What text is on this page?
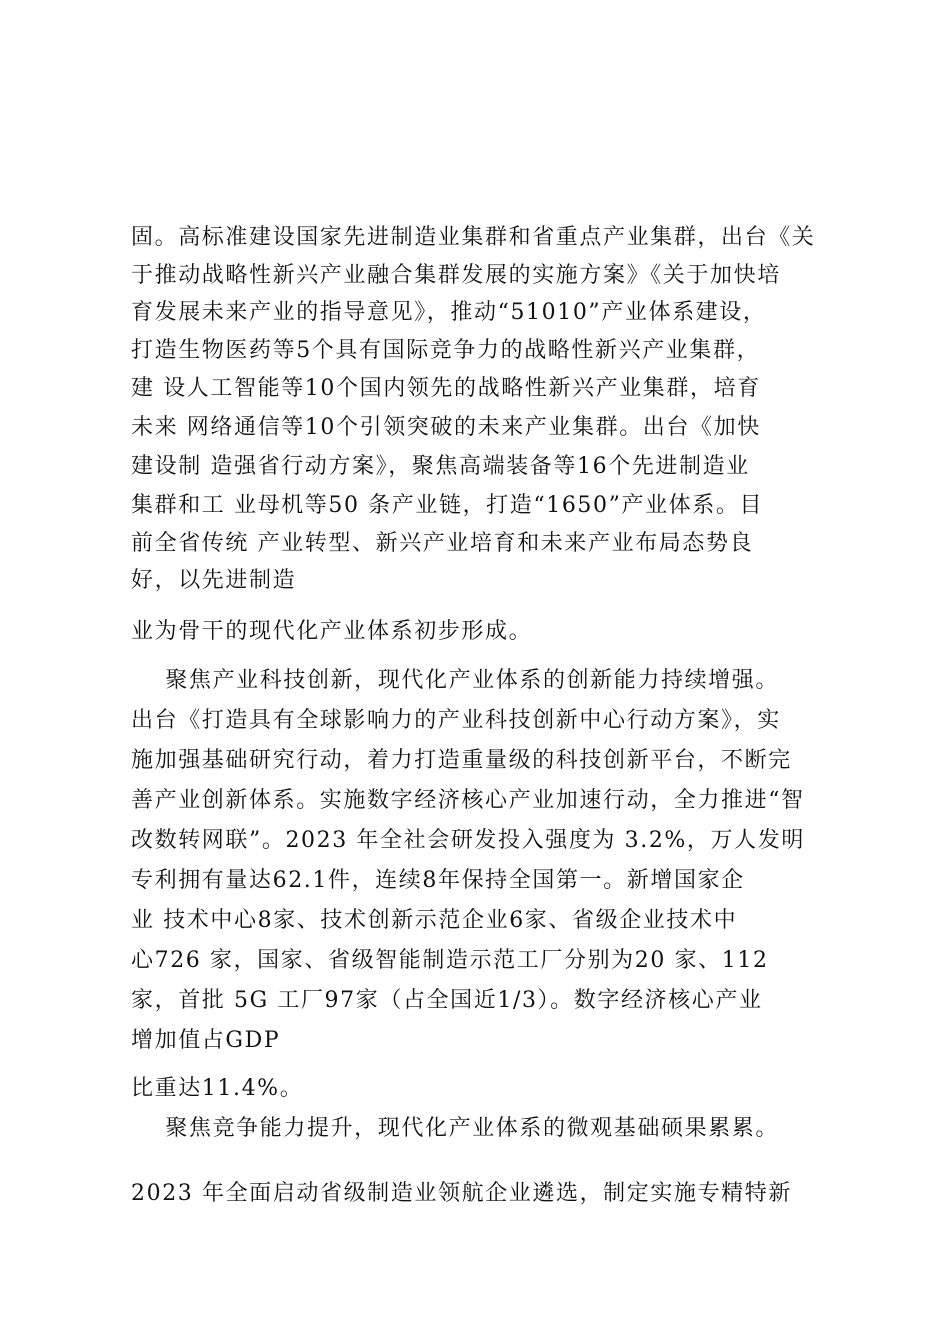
固。高标准建设国家先进制造业集群和省重点产业集群，出台《关
于推动战略性新兴产业融合集群发展的实施方案》《关于加快培
育发展未来产业的指导意见》，推动“51010”产业体系建设，
打造生物医药等5个具有国际竞争力的战略性新兴产业集群，
建 设人工智能等10个国内领先的战略性新兴产业集群，培育
未来 网络通信等10个引领突破的未来产业集群。出台《加快
建设制 造强省行动方案》，聚焦高端装备等16个先进制造业
集群和工 业母机等50 条产业链，打造“1650”产业体系。目
前全省传统 产业转型、新兴产业培育和未来产业布局态势良
好，以先进制造
业为骨干的现代化产业体系初步形成。
聚焦产业科技创新，现代化产业体系的创新能力持续增强。
出台《打造具有全球影响力的产业科技创新中心行动方案》，实
施加强基础研究行动，着力打造重量级的科技创新平台，不断完
善产业创新体系。实施数字经济核心产业加速行动，全力推进“智
改数转网联”。2023 年全社会研发投入强度为 3.2%，万人发明
专利拥有量达62.1件，连续8年保持全国第一。新增国家企
业 技术中心8家、技术创新示范企业6家、省级企业技术中
心726 家，国家、省级智能制造示范工厂分别为20 家、112
家，首批 5G 工厂97家（占全国近1/3）。数字经济核心产业
增加值占GDP
比重达11.4%。
聚焦竞争能力提升，现代化产业体系的微观基础硕果累累。
2023 年全面启动省级制造业领航企业遴选，制定实施专精特新
